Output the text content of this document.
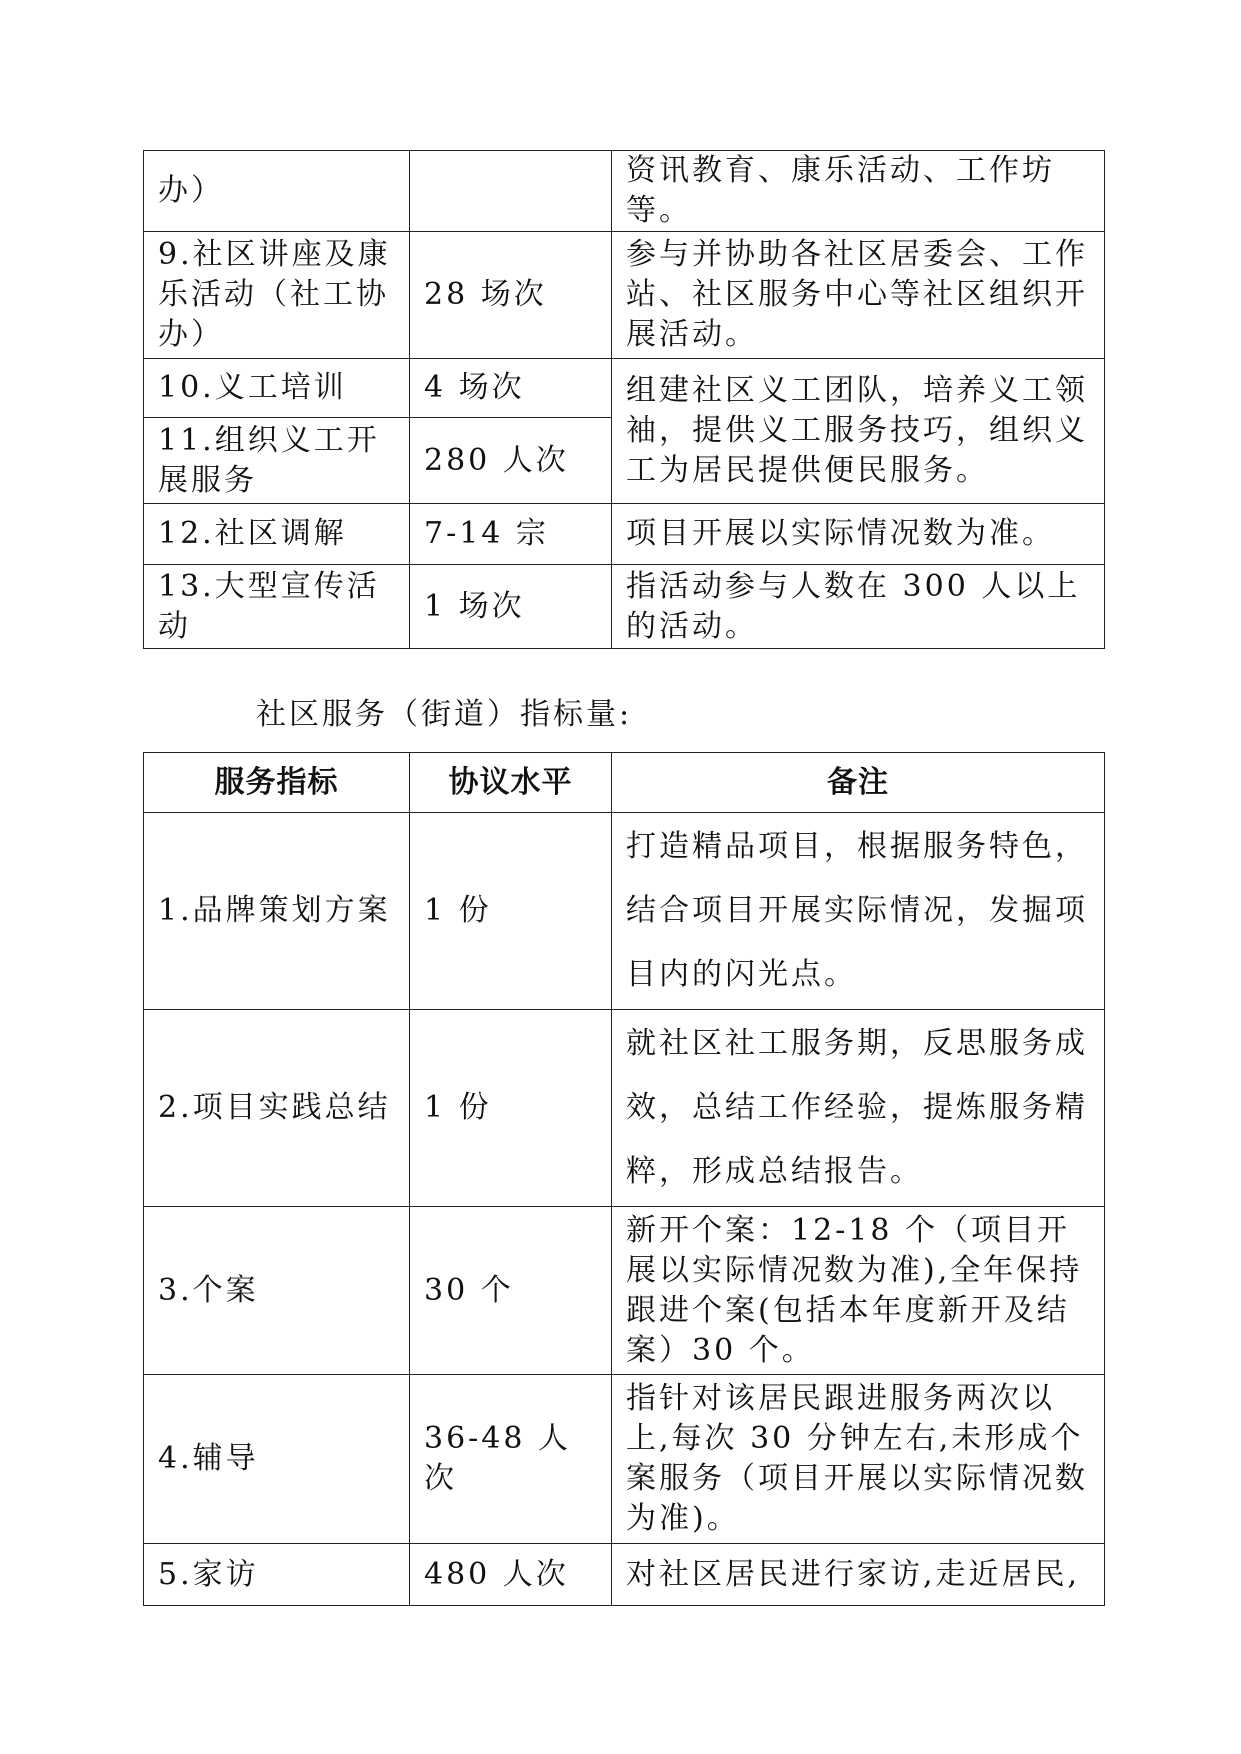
办）		资讯教育、康乐活动、工作坊等。
9.社区讲座及康乐活动（社工协办）	28 场次	参与并协助各社区居委会、工作站、社区服务中心等社区组织开展活动。
10.义工培训	4 场次	组建社区义工团队，培养义工领袖，提供义工服务技巧，组织义工为居民提供便民服务。
11.组织义工开展服务	280 人次	
12.社区调解	7-14 宗	项目开展以实际情况数为准。
13.大型宣传活动	1 场次	指活动参与人数在 300 人以上的活动。

社区服务（街道）指标量:

服务指标	协议水平	备注
1.品牌策划方案	1 份	打造精品项目，根据服务特色，结合项目开展实际情况，发掘项目内的闪光点。
2.项目实践总结	1 份	就社区社工服务期，反思服务成效，总结工作经验，提炼服务精粹，形成总结报告。
3.个案	30 个	新开个案：12-18 个（项目开展以实际情况数为准),全年保持跟进个案(包括本年度新开及结案）30 个。
4.辅导	36-48 人次	指针对该居民跟进服务两次以上,每次 30 分钟左右,未形成个案服务（项目开展以实际情况数为准)。
5.家访	480 人次	对社区居民进行家访,走近居民,
